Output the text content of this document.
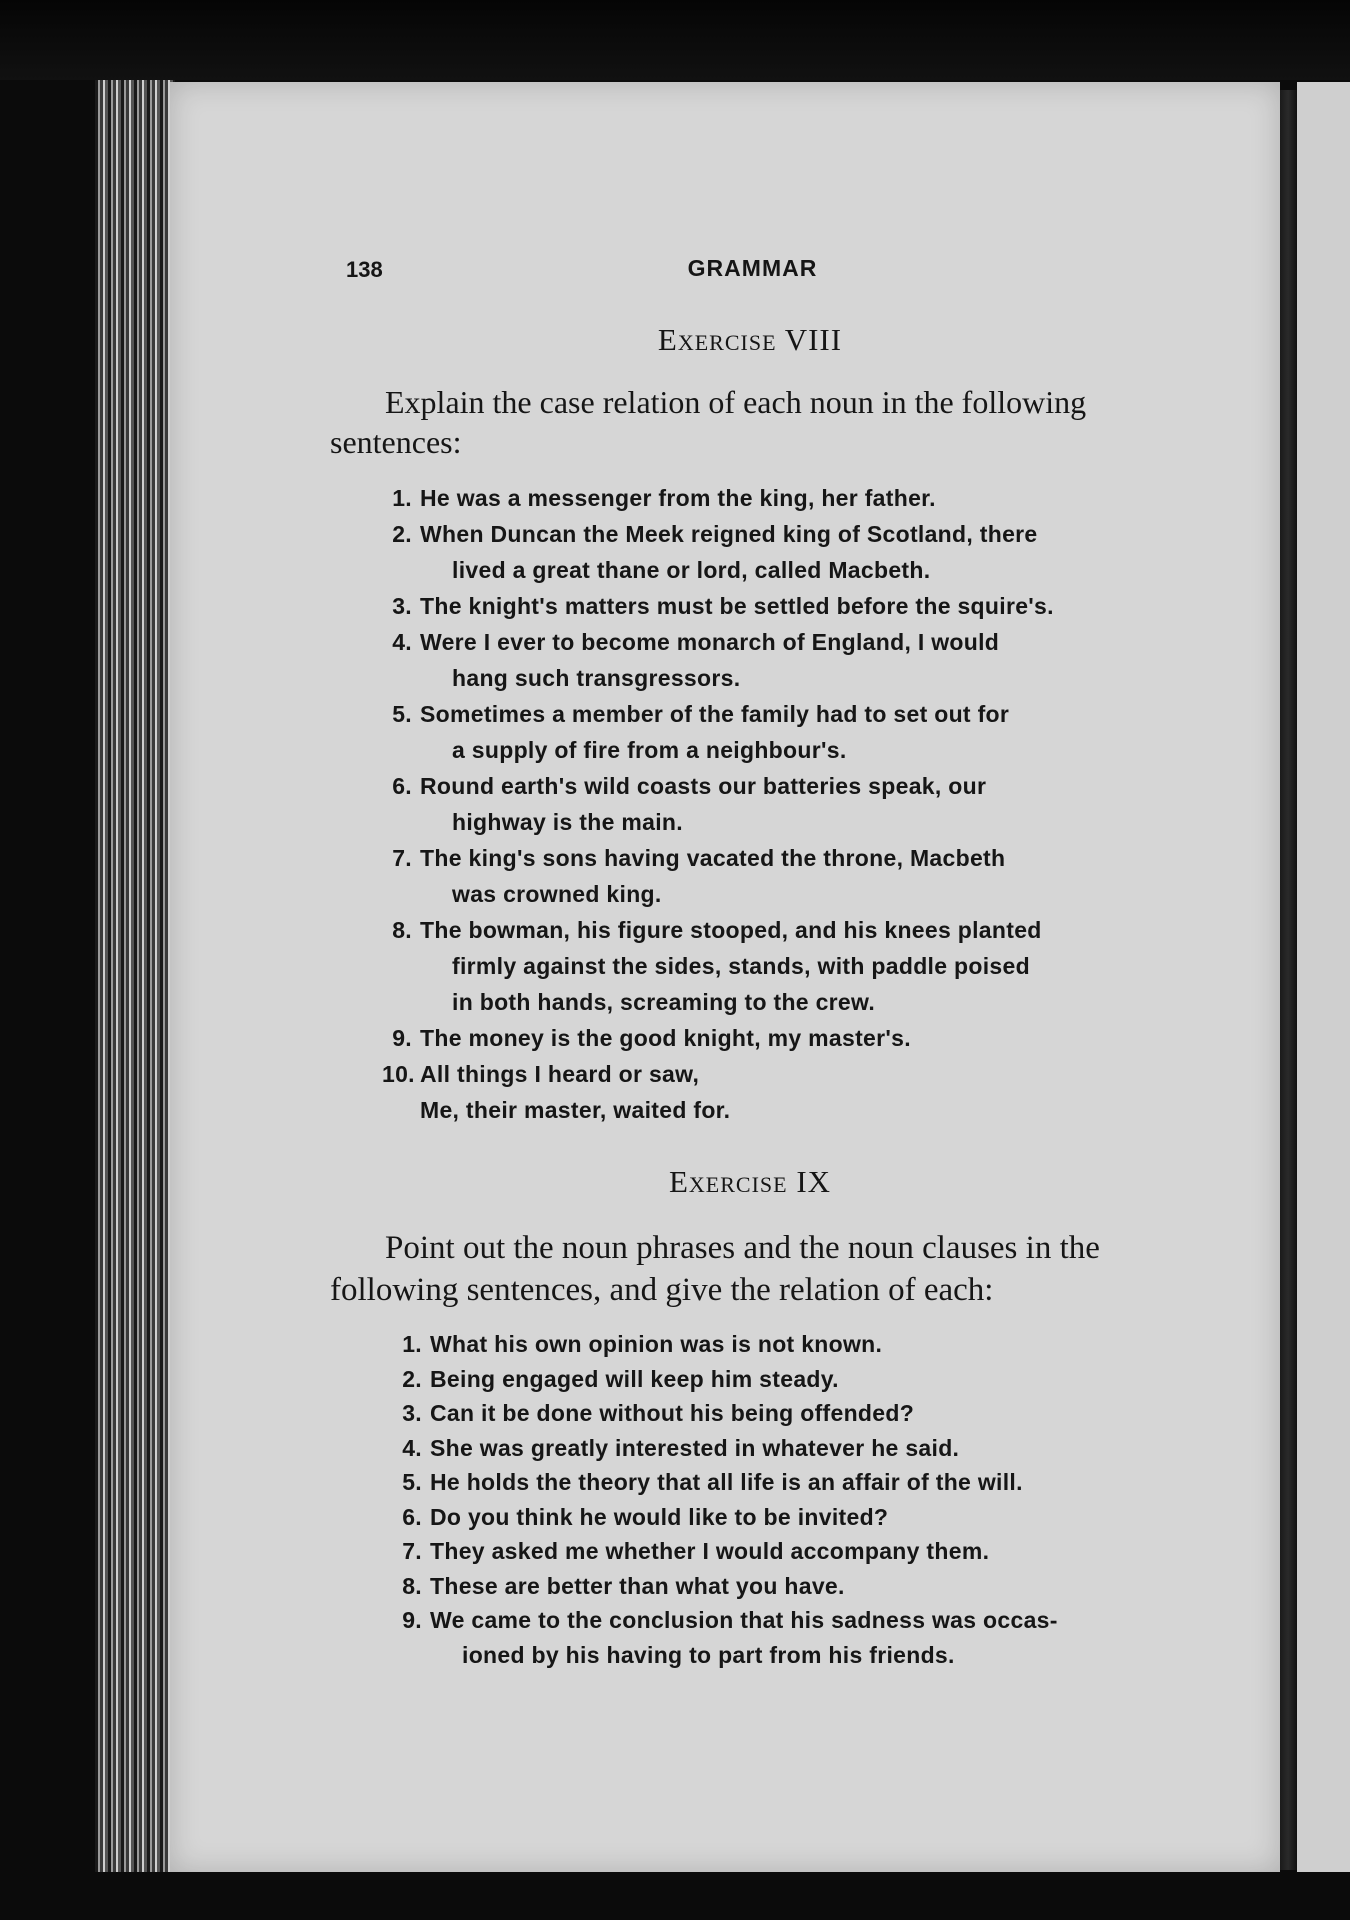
138	GRAMMAR
Exercise VIII
Explain the case relation of each noun in the following sentences:
1. He was a messenger from the king, her father.
2. When Duncan the Meek reigned king of Scotland, there
lived a great thane or lord, called Macbeth.
3. The knight's matters must be settled before the squire's.
4. Were I ever to become monarch of England, I would
hang such transgressors.
5. Sometimes a member of the family had to set out for
a supply of fire from a neighbour's.
6. Round earth's wild coasts our batteries speak, our
highway is the main.
7. The king's sons having vacated the throne, Macbeth
was crowned king.
8. The bowman, his figure stooped, and his knees planted
firmly against the sides, stands, with paddle poised
in both hands, screaming to the crew.
9. The money is the good knight, my master's.
10. All things I heard or saw,
Me, their master, waited for.
Exercise IX
Point out the noun phrases and the noun clauses in the following sentences, and give the relation of each:
1. What his own opinion was is not known.
2. Being engaged will keep him steady.
3. Can it be done without his being offended?
4. She was greatly interested in whatever he said.
5. He holds the theory that all life is an affair of the will.
6. Do you think he would like to be invited?
7. They asked me whether I would accompany them.
8. These are better than what you have.
9. We came to the conclusion that his sadness was occas-
ioned by his having to part from his friends.
